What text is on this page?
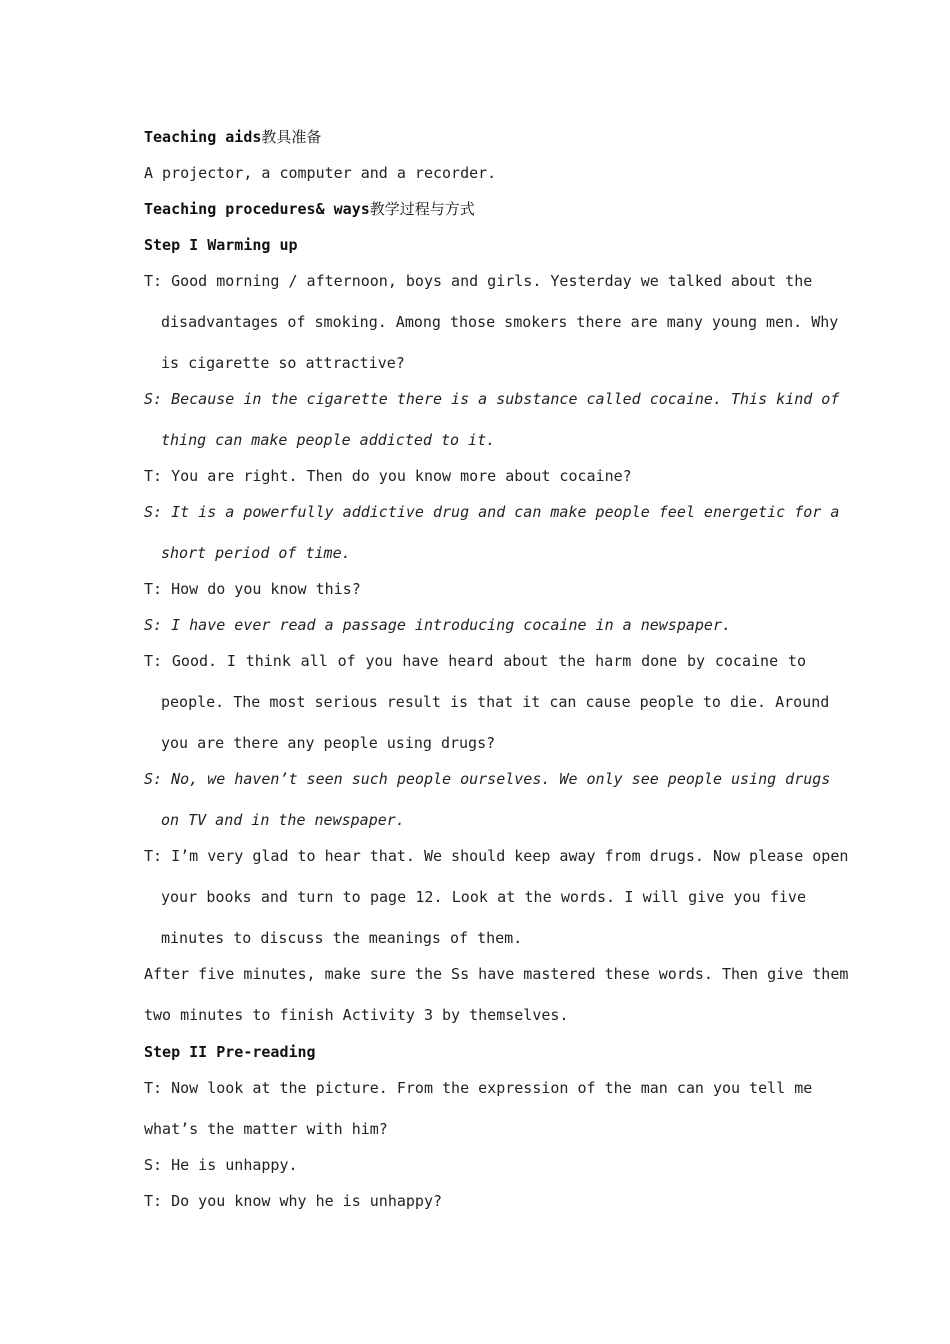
Teaching aids教具准备
A projector, a computer and a recorder.
Teaching procedures& ways教学过程与方式
Step I Warming up
T: Good morning / afternoon, boys and girls. Yesterday we talked about the
disadvantages of smoking. Among those smokers there are many young men. Why
is cigarette so attractive?
S: Because in the cigarette there is a substance called cocaine. This kind of
thing can make people addicted to it.
T: You are right. Then do you know more about cocaine?
S: It is a powerfully addictive drug and can make people feel energetic for a
short period of time.
T: How do you know this?
S: I have ever read a passage introducing cocaine in a newspaper.
T: Good. I think all of you have heard about the harm done by cocaine to
people. The most serious result is that it can cause people to die. Around
you are there any people using drugs?
S: No, we haven’t seen such people ourselves. We only see people using drugs
on TV and in the newspaper.
T: I’m very glad to hear that. We should keep away from drugs. Now please open
your books and turn to page 12. Look at the words. I will give you five
minutes to discuss the meanings of them.
After five minutes, make sure the Ss have mastered these words. Then give them
two minutes to finish Activity 3 by themselves.
Step II Pre-reading
T: Now look at the picture. From the expression of the man can you tell me
what’s the matter with him?
S: He is unhappy.
T: Do you know why he is unhappy?
